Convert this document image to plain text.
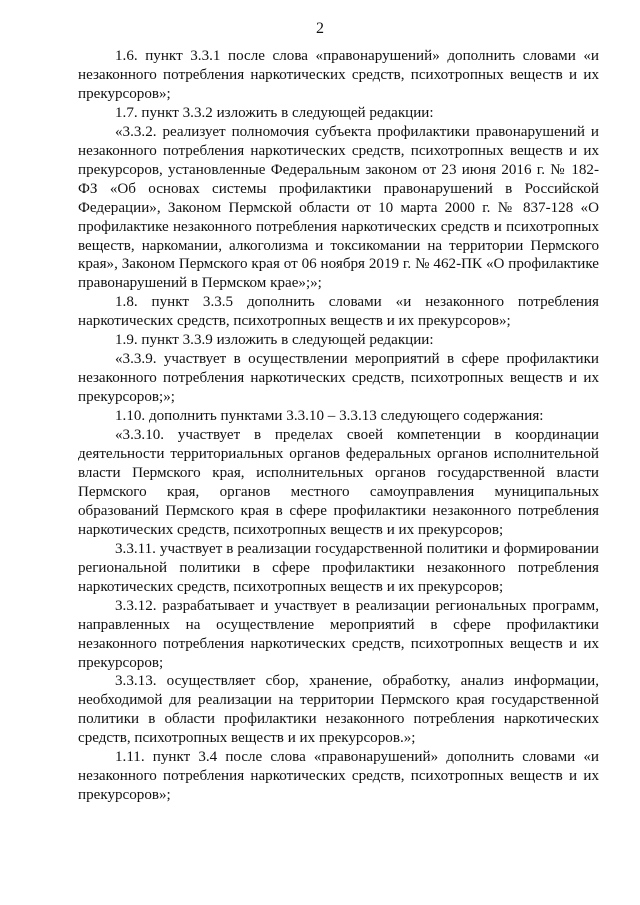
2

1.6. пункт 3.3.1 после слова «правонарушений» дополнить словами «и незаконного потребления наркотических средств, психотропных веществ и их прекурсоров»;

1.7. пункт 3.3.2 изложить в следующей редакции:

«3.3.2. реализует полномочия субъекта профилактики правонарушений и незаконного потребления наркотических средств, психотропных веществ и их прекурсоров, установленные Федеральным законом от 23 июня 2016 г. № 182-ФЗ «Об основах системы профилактики правонарушений в Российской Федерации», Законом Пермской области от 10 марта 2000 г. № 837-128 «О профилактике незаконного потребления наркотических средств и психотропных веществ, наркомании, алкоголизма и токсикомании на территории Пермского края», Законом Пермского края от 06 ноября 2019 г. № 462-ПК «О профилактике правонарушений в Пермском крае»;»;

1.8. пункт 3.3.5 дополнить словами «и незаконного потребления наркотических средств, психотропных веществ и их прекурсоров»;

1.9. пункт 3.3.9 изложить в следующей редакции:

«3.3.9. участвует в осуществлении мероприятий в сфере профилактики незаконного потребления наркотических средств, психотропных веществ и их прекурсоров;»;

1.10. дополнить пунктами 3.3.10 – 3.3.13 следующего содержания:

«3.3.10. участвует в пределах своей компетенции в координации деятельности территориальных органов федеральных органов исполнительной власти Пермского края, исполнительных органов государственной власти Пермского края, органов местного самоуправления муниципальных образований Пермского края в сфере профилактики незаконного потребления наркотических средств, психотропных веществ и их прекурсоров;

3.3.11. участвует в реализации государственной политики и формировании региональной политики в сфере профилактики незаконного потребления наркотических средств, психотропных веществ и их прекурсоров;

3.3.12. разрабатывает и участвует в реализации региональных программ, направленных на осуществление мероприятий в сфере профилактики незаконного потребления наркотических средств, психотропных веществ и их прекурсоров;

3.3.13. осуществляет сбор, хранение, обработку, анализ информации, необходимой для реализации на территории Пермского края государственной политики в области профилактики незаконного потребления наркотических средств, психотропных веществ и их прекурсоров.»;

1.11. пункт 3.4 после слова «правонарушений» дополнить словами «и незаконного потребления наркотических средств, психотропных веществ и их прекурсоров»;
